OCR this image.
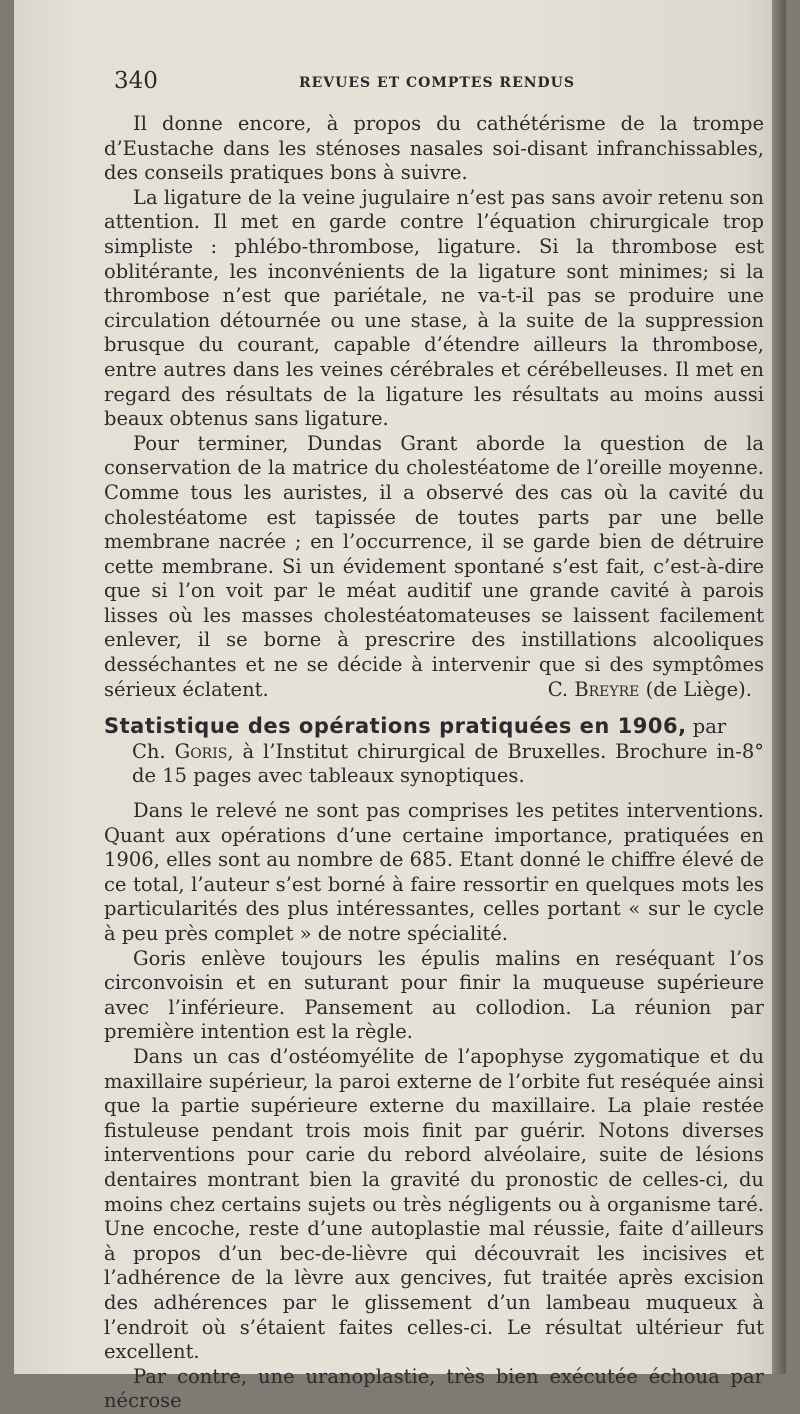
340	REVUES ET COMPTES RENDUS

Il donne encore, à propos du cathétérisme de la trompe d’Eustache dans les sténoses nasales soi-disant infranchissables, des conseils pratiques bons à suivre.

La ligature de la veine jugulaire n’est pas sans avoir retenu son attention. Il met en garde contre l’équation chirurgicale trop simpliste : phlébo-thrombose, ligature. Si la thrombose est oblitérante, les inconvénients de la ligature sont minimes; si la thrombose n’est que pariétale, ne va-t-il pas se produire une circulation détournée ou une stase, à la suite de la suppression brusque du courant, capable d’étendre ailleurs la thrombose, entre autres dans les veines cérébrales et cérébelleuses. Il met en regard des résultats de la ligature les résultats au moins aussi beaux obtenus sans ligature.

Pour terminer, Dundas Grant aborde la question de la conservation de la matrice du cholestéatome de l’oreille moyenne. Comme tous les auristes, il a observé des cas où la cavité du cholestéatome est tapissée de toutes parts par une belle membrane nacrée ; en l’occurrence, il se garde bien de détruire cette membrane. Si un évidement spontané s’est fait, c’est-à-dire que si l’on voit par le méat auditif une grande cavité à parois lisses où les masses cholestéatomateuses se laissent facilement enlever, il se borne à prescrire des instillations alcooliques desséchantes et ne se décide à intervenir que si des symptômes sérieux éclatent.	C. Breyre (de Liège).

Statistique des opérations pratiquées en 1906, par
Ch. Goris, à l’Institut chirurgical de Bruxelles. Brochure in-8° de 15 pages avec tableaux synoptiques.

Dans le relevé ne sont pas comprises les petites interventions. Quant aux opérations d’une certaine importance, pratiquées en 1906, elles sont au nombre de 685. Etant donné le chiffre élevé de ce total, l’auteur s’est borné à faire ressortir en quelques mots les particularités des plus intéressantes, celles portant « sur le cycle à peu près complet » de notre spécialité.

Goris enlève toujours les épulis malins en reséquant l’os circonvoisin et en suturant pour finir la muqueuse supérieure avec l’inférieure. Pansement au collodion. La réunion par première intention est la règle.

Dans un cas d’ostéomyélite de l’apophyse zygomatique et du maxillaire supérieur, la paroi externe de l’orbite fut reséquée ainsi que la partie supérieure externe du maxillaire. La plaie restée fistuleuse pendant trois mois finit par guérir. Notons diverses interventions pour carie du rebord alvéolaire, suite de lésions dentaires montrant bien la gravité du pronostic de celles-ci, du moins chez certains sujets ou très négligents ou à organisme taré. Une encoche, reste d’une autoplastie mal réussie, faite d’ailleurs à propos d’un bec-de-lièvre qui découvrait les incisives et l’adhérence de la lèvre aux gencives, fut traitée après excision des adhérences par le glissement d’un lambeau muqueux à l’endroit où s’étaient faites celles-ci. Le résultat ultérieur fut excellent.

Par contre, une uranoplastie, très bien exécutée échoua par nécrose
